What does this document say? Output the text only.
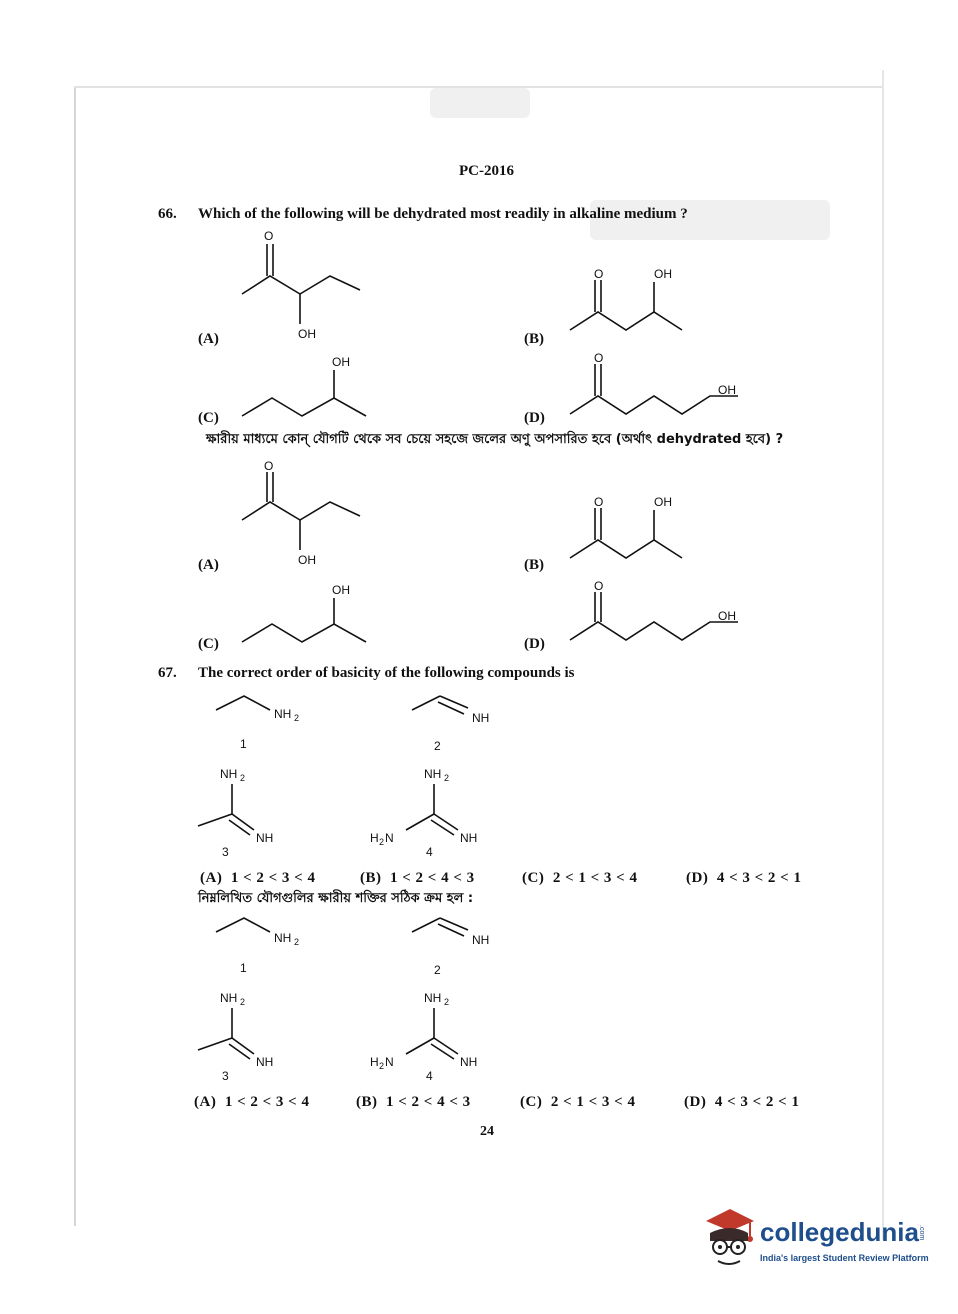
PC-2016
66. Which of the following will be dehydrated most readily in alkaline medium ?
O
OH
(A)
O	OH
(B)
OH
(C)
O
OH
(D)
ক্ষারীয় মাধ্যমে কোন্ যৌগটি থেকে সব চেয়ে সহজে জলের অণু অপসারিত হবে (অর্থাৎ dehydrated হবে) ?
O
OH
(A)
O	OH
(B)
OH
(C)
O
OH
(D)
67. The correct order of basicity of the following compounds is
NH 2
1
NH
2
NH 2
NH
3
NH 2
H 2 N	NH
4
(A) 1 < 2 < 3 < 4	(B) 1 < 2 < 4 < 3	(C) 2 < 1 < 3 < 4	(D) 4 < 3 < 2 < 1
নিম্নলিখিত যৌগগুলির ক্ষারীয় শক্তির সঠিক ক্রম হল :
NH 2
1
NH
2
NH 2
NH
3
NH 2
H 2 N	NH
4
(A) 1 < 2 < 3 < 4	(B) 1 < 2 < 4 < 3	(C) 2 < 1 < 3 < 4	(D) 4 < 3 < 2 < 1
24
collegedunia .com
India's largest Student Review Platform
